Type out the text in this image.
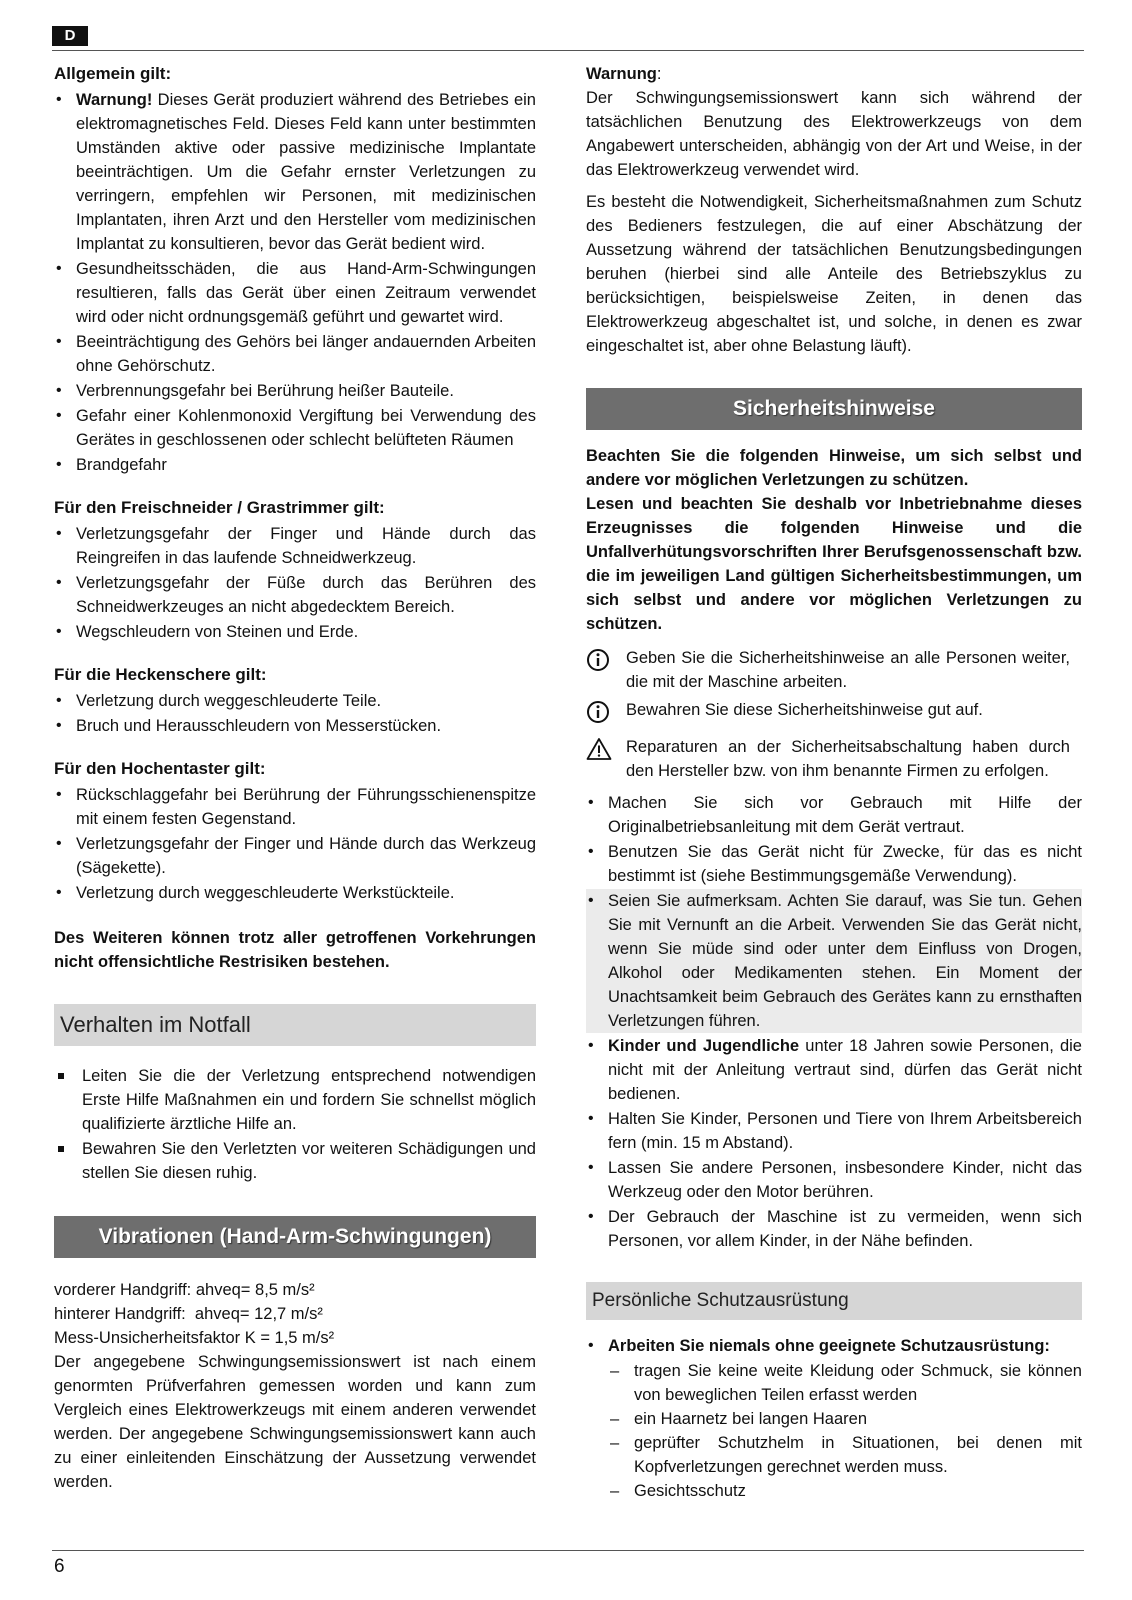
D
Allgemein gilt:
• Warnung! Dieses Gerät produziert während des Betriebes ein elektromagnetisches Feld. Dieses Feld kann unter bestimmten Umständen aktive oder passive medizinische Implantate beeinträchtigen. Um die Gefahr ernster Verletzungen zu verringern, empfehlen wir Personen, mit medizinischen Implantaten, ihren Arzt und den Hersteller vom medizinischen Implantat zu konsultieren, bevor das Gerät bedient wird.
• Gesundheitsschäden, die aus Hand-Arm-Schwingungen resultieren, falls das Gerät über einen Zeitraum verwendet wird oder nicht ordnungsgemäß geführt und gewartet wird.
• Beeinträchtigung des Gehörs bei länger andauernden Arbeiten ohne Gehörschutz.
• Verbrennungsgefahr bei Berührung heißer Bauteile.
• Gefahr einer Kohlenmonoxid Vergiftung bei Verwendung des Gerätes in geschlossenen oder schlecht belüfteten Räumen
• Brandgefahr
Für den Freischneider / Grastrimmer gilt:
• Verletzungsgefahr der Finger und Hände durch das Reingreifen in das laufende Schneidwerkzeug.
• Verletzungsgefahr der Füße durch das Berühren des Schneidwerkzeuges an nicht abgedecktem Bereich.
• Wegschleudern von Steinen und Erde.
Für die Heckenschere gilt:
• Verletzung durch weggeschleuderte Teile.
• Bruch und Herausschleudern von Messerstücken.
Für den Hochentaster gilt:
• Rückschlaggefahr bei Berührung der Führungsschienenspitze mit einem festen Gegenstand.
• Verletzungsgefahr der Finger und Hände durch das Werkzeug (Sägekette).
• Verletzung durch weggeschleuderte Werkstückteile.

Des Weiteren können trotz aller getroffenen Vorkehrungen nicht offensichtliche Restrisiken bestehen.

Verhalten im Notfall
Leiten Sie die der Verletzung entsprechend notwendigen Erste Hilfe Maßnahmen ein und fordern Sie schnellst möglich qualifizierte ärztliche Hilfe an.
Bewahren Sie den Verletzten vor weiteren Schädigungen und stellen Sie diesen ruhig.
Vibrationen (Hand-Arm-Schwingungen)

vorderer Handgriff: ahveq= 8,5 m/s²

hinterer Handgriff:  ahveq= 12,7 m/s²

Mess-Unsicherheitsfaktor K = 1,5 m/s²

Der angegebene Schwingungsemissionswert ist nach einem genormten Prüfverfahren gemessen worden und kann zum Vergleich eines Elektrowerkzeugs mit einem anderen verwendet werden. Der angegebene Schwingungsemissionswert kann auch zu einer einleitenden Einschätzung der Aussetzung verwendet werden.

Warnung:

Der Schwingungsemissionswert kann sich während der tatsächlichen Benutzung des Elektrowerkzeugs von dem Angabewert unterscheiden, abhängig von der Art und Weise, in der das Elektrowerkzeug verwendet wird.

Es besteht die Notwendigkeit, Sicherheitsmaßnahmen zum Schutz des Bedieners festzulegen, die auf einer Abschätzung der Aussetzung während der tatsächlichen Benutzungsbedingungen beruhen (hierbei sind alle Anteile des Betriebszyklus zu berücksichtigen, beispielsweise Zeiten, in denen das Elektrowerkzeug abgeschaltet ist, und solche, in denen es zwar eingeschaltet ist, aber ohne Belastung läuft).

Sicherheitshinweise

Beachten Sie die folgenden Hinweise, um sich selbst und andere vor möglichen Verletzungen zu schützen.

Lesen und beachten Sie deshalb vor Inbetriebnahme dieses Erzeugnisses die folgenden Hinweise und die Unfallverhütungsvorschriften Ihrer Berufsgenossenschaft bzw. die im jeweiligen Land gültigen Sicherheitsbestimmungen, um sich selbst und andere vor möglichen Verletzungen zu schützen.

Geben Sie die Sicherheitshinweise an alle Personen weiter, die mit der Maschine arbeiten.
Bewahren Sie diese Sicherheitshinweise gut auf.
Reparaturen an der Sicherheitsabschaltung haben durch den Hersteller bzw. von ihm benannte Firmen zu erfolgen.
• Machen Sie sich vor Gebrauch mit Hilfe der Originalbetriebsanleitung mit dem Gerät vertraut.
• Benutzen Sie das Gerät nicht für Zwecke, für das es nicht bestimmt ist (siehe Bestimmungsgemäße Verwendung).
• Seien Sie aufmerksam. Achten Sie darauf, was Sie tun. Gehen Sie mit Vernunft an die Arbeit. Verwenden Sie das Gerät nicht, wenn Sie müde sind oder unter dem Einfluss von Drogen, Alkohol oder Medikamenten stehen. Ein Moment der Unachtsamkeit beim Gebrauch des Gerätes kann zu ernsthaften Verletzungen führen.
• Kinder und Jugendliche unter 18 Jahren sowie Personen, die nicht mit der Anleitung vertraut sind, dürfen das Gerät nicht bedienen.
• Halten Sie Kinder, Personen und Tiere von Ihrem Arbeitsbereich fern (min. 15 m Abstand).
• Lassen Sie andere Personen, insbesondere Kinder, nicht das Werkzeug oder den Motor berühren.
• Der Gebrauch der Maschine ist zu vermeiden, wenn sich Personen, vor allem Kinder, in der Nähe befinden.
Persönliche Schutzausrüstung
• Arbeiten Sie niemals ohne geeignete Schutzausrüstung:
– tragen Sie keine weite Kleidung oder Schmuck, sie können von beweglichen Teilen erfasst werden
– ein Haarnetz bei langen Haaren
– geprüfter Schutzhelm in Situationen, bei denen mit Kopfverletzungen gerechnet werden muss.
– Gesichtsschutz
6
